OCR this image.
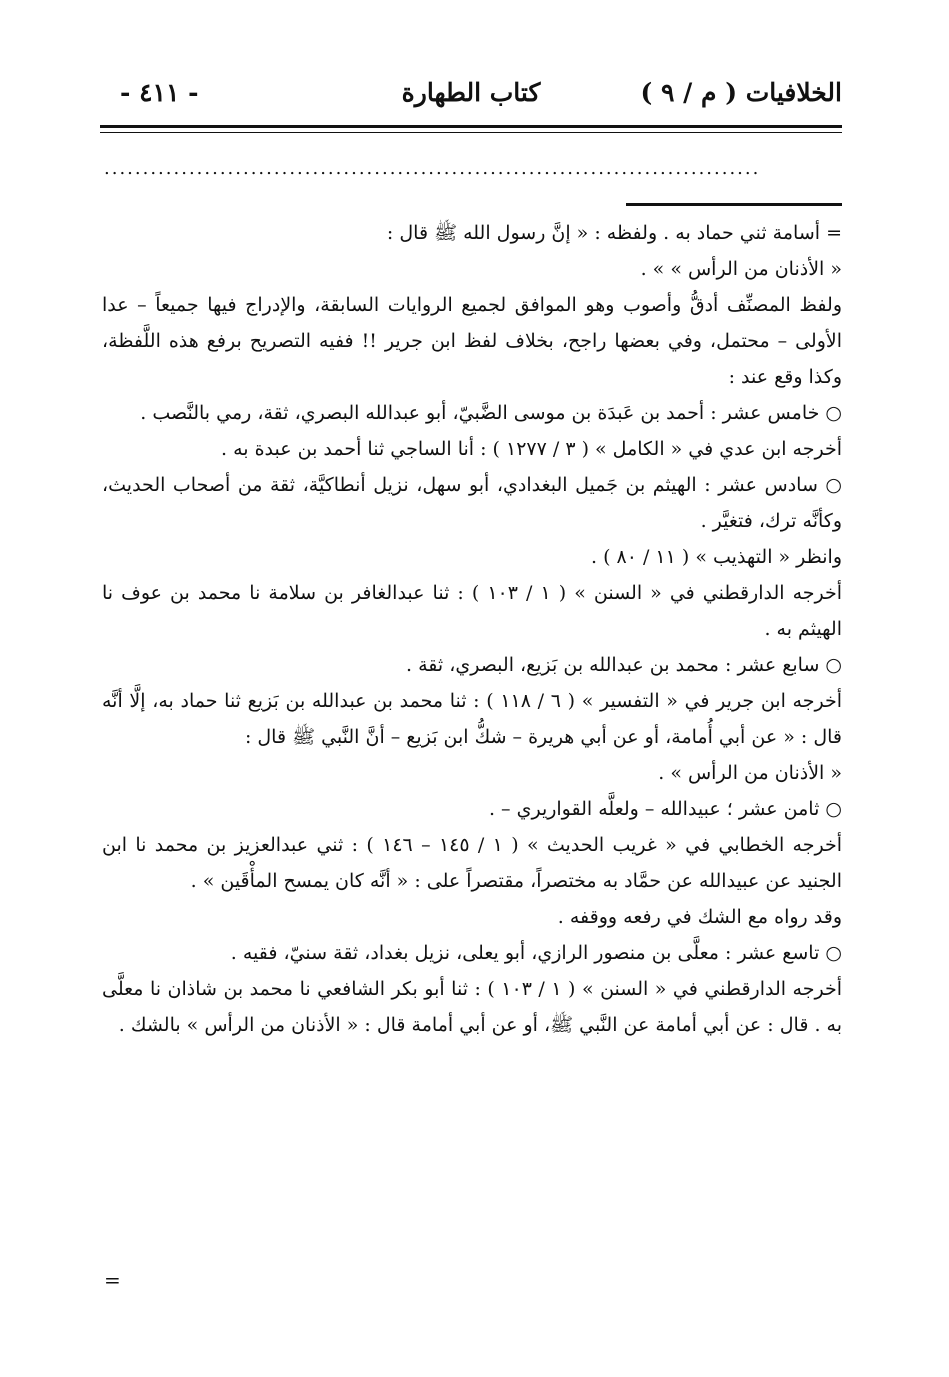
الخلافيات ( م / ٩ )
كتاب الطهارة
- ٤١١ -
.....................................................................................

= أسامة ثني حماد به . ولفظه : « إنَّ رسول الله ﷺ قال :

« الأذنان من الرأس » » .

ولفظ المصنِّف أدقُّ وأصوب وهو الموافق لجميع الروايات السابقة، والإدراج فيها جميعاً – عدا الأولى – محتمل، وفي بعضها راجح، بخلاف لفظ ابن جرير !! ففيه التصريح برفع هذه اللَّفظة، وكذا وقع عند :

○ خامس عشر : أحمد بن عَبدَة بن موسى الضَّبيّ، أبو عبدالله البصري، ثقة، رمي بالنَّصب .

أخرجه ابن عدي في « الكامل » ( ٣ / ١٢٧٧ ) : أنا الساجي ثنا أحمد بن عبدة به .

○ سادس عشر : الهيثم بن جَميل البغدادي، أبو سهل، نزيل أنطاكيَّة، ثقة من أصحاب الحديث، وكأنَّه ترك، فتغيَّر .

وانظر « التهذيب » ( ١١ / ٨٠ ) .

أخرجه الدارقطني في « السنن » ( ١ / ١٠٣ ) : ثنا عبدالغافر بن سلامة نا محمد بن عوف نا الهيثم به .

○ سابع عشر : محمد بن عبدالله بن بَزيع، البصري، ثقة .

أخرجه ابن جرير في « التفسير » ( ٦ / ١١٨ ) : ثنا محمد بن عبدالله بن بَزيع ثنا حماد به، إلَّا أنَّه قال : « عن أبي أُمامة، أو عن أبي هريرة – شكُّ ابن بَزيع – أنَّ النَّبي ﷺ قال :

« الأذنان من الرأس » .

○ ثامن عشر ؛ عبيدالله – ولعلَّه القواريري – .

أخرجه الخطابي في « غريب الحديث » ( ١ / ١٤٥ – ١٤٦ ) : ثني عبدالعزيز بن محمد نا ابن الجنيد عن عبيدالله عن حمَّاد به مختصراً، مقتصراً على : « أنَّه كان يمسح المأْقَين » .

وقد رواه مع الشك في رفعه ووقفه .

○ تاسع عشر : معلَّى بن منصور الرازي، أبو يعلى، نزيل بغداد، ثقة سنيّ، فقيه .

أخرجه الدارقطني في « السنن » ( ١ / ١٠٣ ) : ثنا أبو بكر الشافعي نا محمد بن شاذان نا معلَّى به . قال : عن أبي أمامة عن النَّبي ﷺ، أو عن أبي أمامة قال : « الأذنان من الرأس » بالشك .

=
